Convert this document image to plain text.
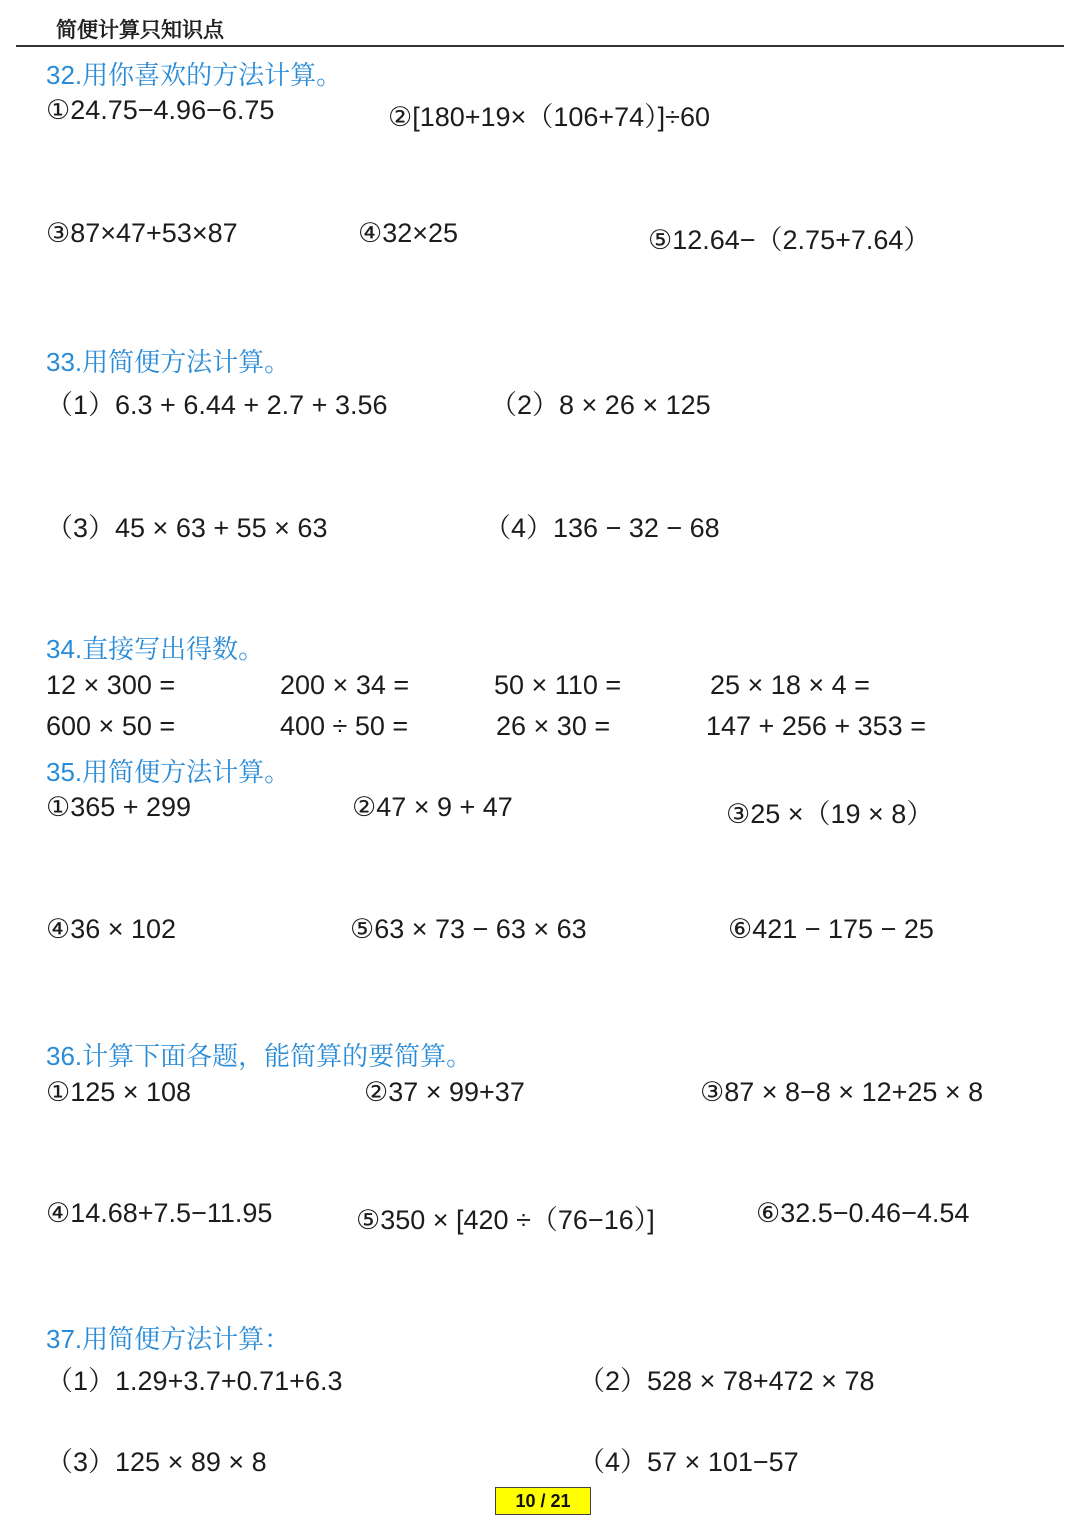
简便计算只知识点
32.用你喜欢的方法计算。
①24.75−4.96−6.75	②[180+19×（106+74）]÷60
③87×47+53×87	④32×25	⑤12.64−（2.75+7.64）
33.用简便方法计算。
（1）6.3 + 6.44 + 2.7 + 3.56	（2）8 × 26 × 125
（3）45 × 63 + 55 × 63	（4）136 − 32 − 68
34.直接写出得数。
12 × 300 =	200 × 34 =	50 × 110 =	25 × 18 × 4 =
600 × 50 =	400 ÷ 50 =	26 × 30 =	147 + 256 + 353 =
35.用简便方法计算。
①365 + 299	②47 × 9 + 47	③25 ×（19 × 8）
④36 × 102	⑤63 × 73 − 63 × 63	⑥421 − 175 − 25
36.计算下面各题，能简算的要简算。
①125 × 108	②37 × 99+37	③87 × 8−8 × 12+25 × 8
④14.68+7.5−11.95	⑤350 × [420 ÷（76−16）]	⑥32.5−0.46−4.54
37.用简便方法计算：
（1）1.29+3.7+0.71+6.3	（2）528 × 78+472 × 78
（3）125 × 89 × 8	（4）57 × 101−57
10 / 21
